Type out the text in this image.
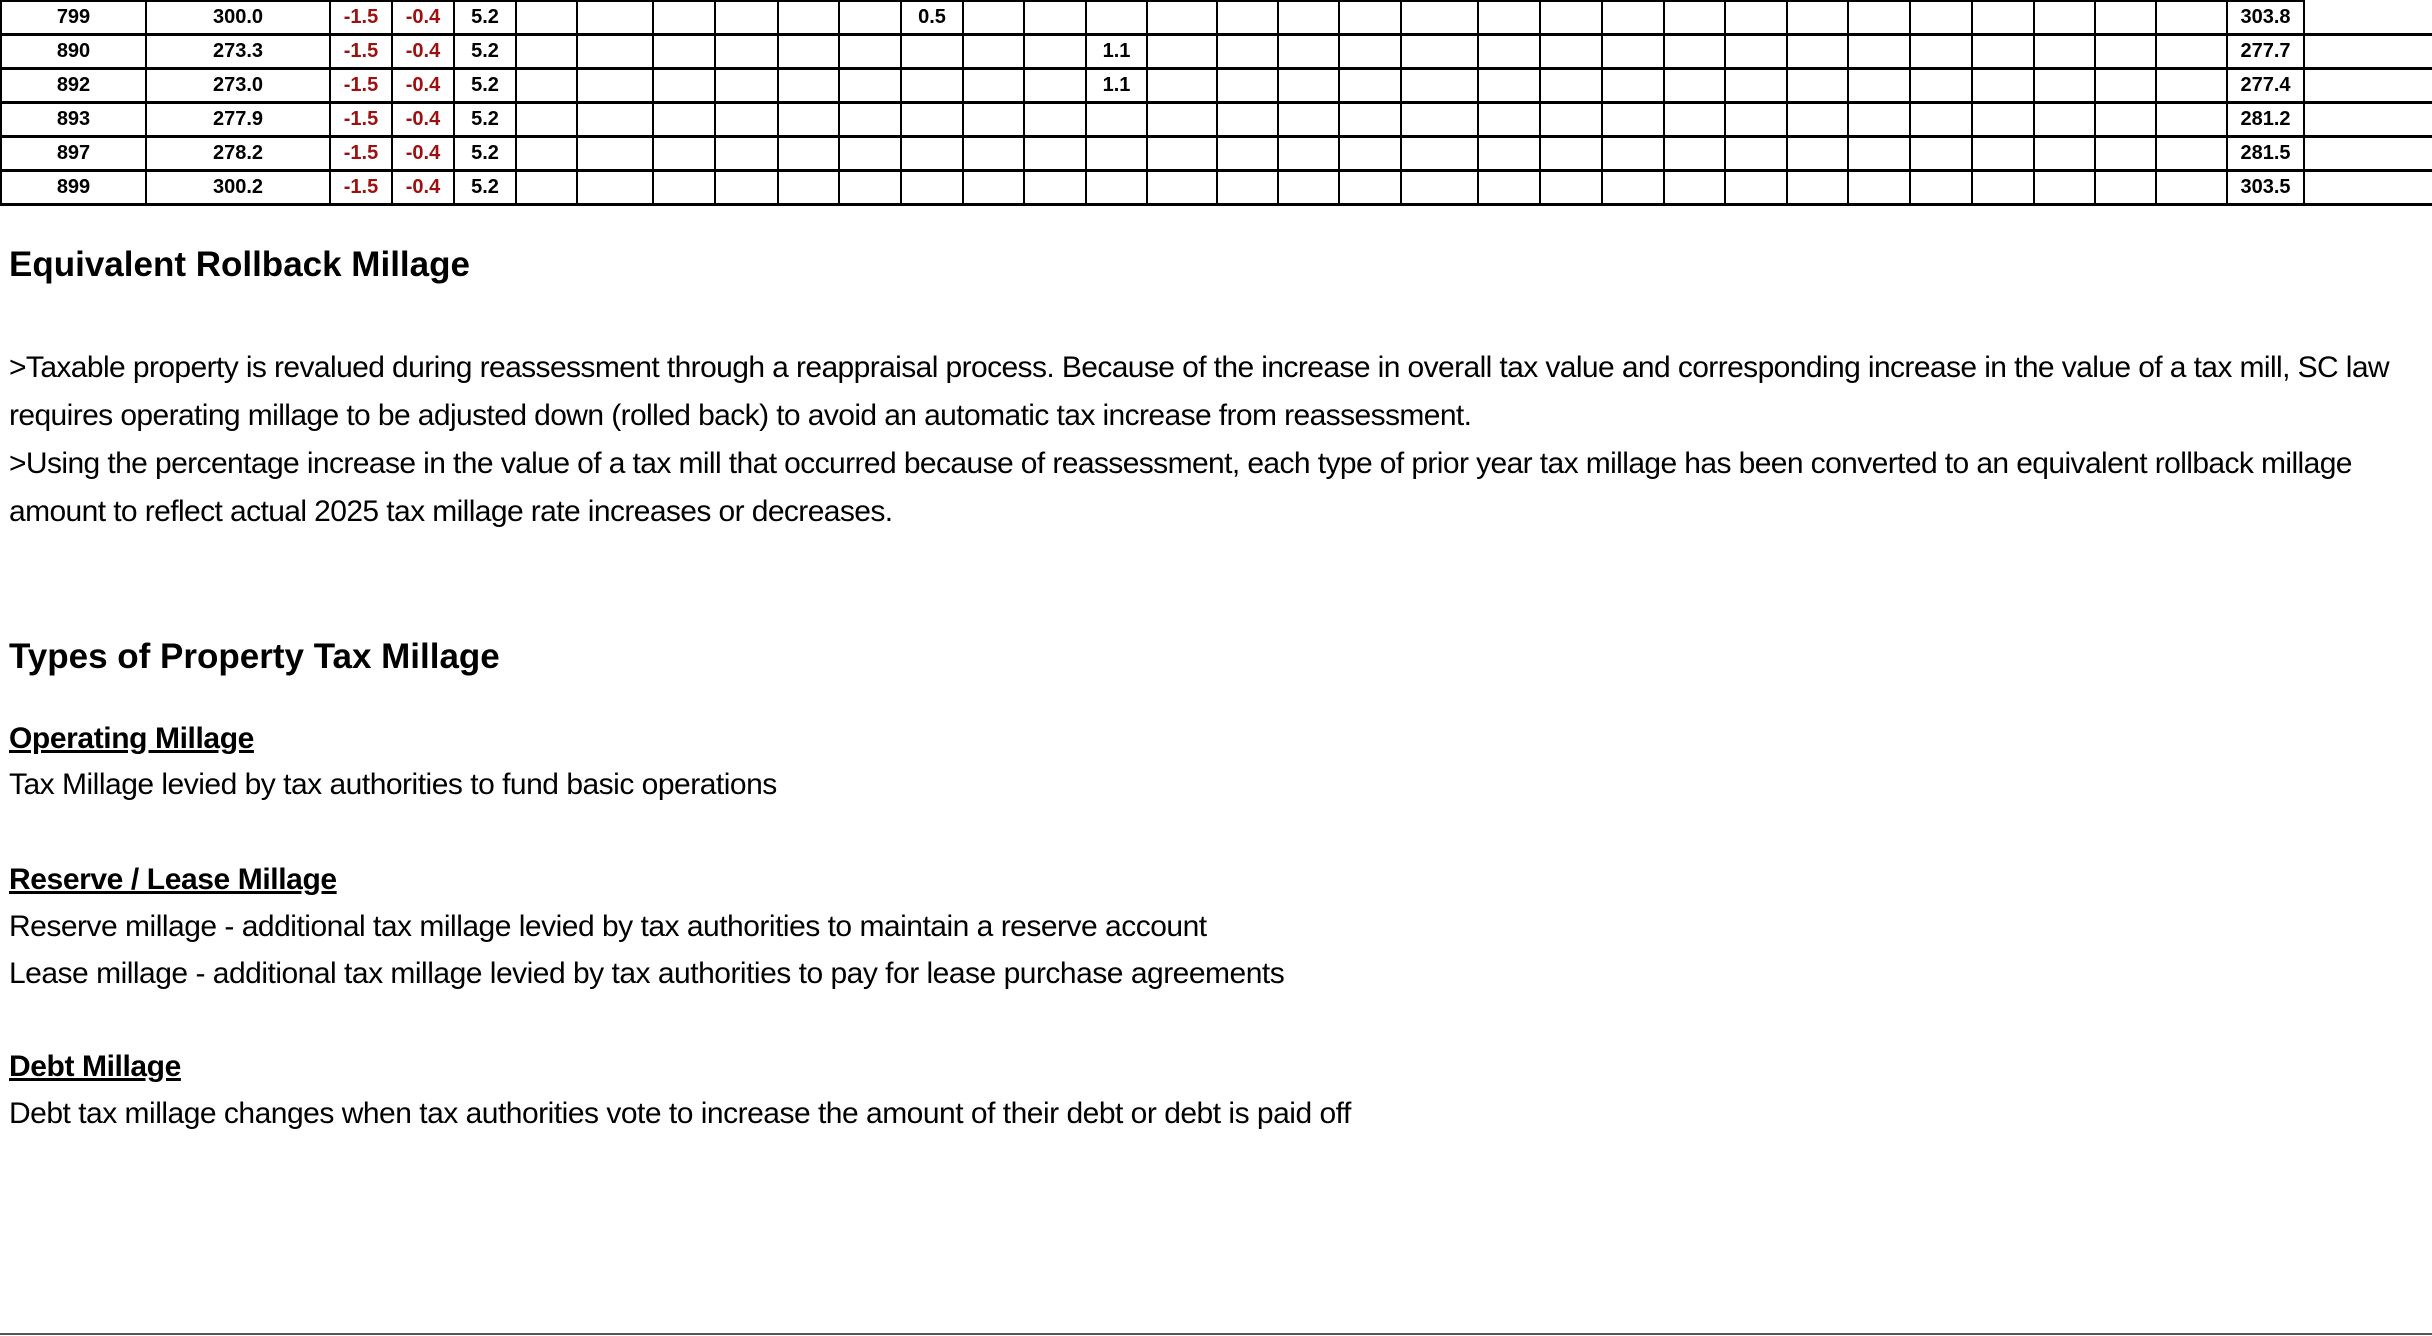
799	300.0	-1.5	-0.4	5.2							0.5																					303.8
890	273.3	-1.5	-0.4	5.2										1.1																		277.7
892	273.0	-1.5	-0.4	5.2										1.1																		277.4
893	277.9	-1.5	-0.4	5.2																												281.2
897	278.2	-1.5	-0.4	5.2																												281.5
899	300.2	-1.5	-0.4	5.2																												303.5
Equivalent Rollback Millage
>Taxable property is revalued during reassessment through a reappraisal process. Because of the increase in overall tax value and corresponding increase in the value of a tax mill, SC law requires operating millage to be adjusted down (rolled back) to avoid an automatic tax increase from reassessment.
>Using the percentage increase in the value of a tax mill that occurred because of reassessment, each type of prior year tax millage has been converted to an equivalent rollback millage amount to reflect actual 2025 tax millage rate increases or decreases.
Types of Property Tax Millage
Operating Millage
Tax Millage levied by tax authorities to fund basic operations
Reserve / Lease Millage
Reserve millage - additional tax millage levied by tax authorities to maintain a reserve account
Lease millage - additional tax millage levied by tax authorities to pay for lease purchase agreements
Debt Millage
Debt tax millage changes when tax authorities vote to increase the amount of their debt or debt is paid off
